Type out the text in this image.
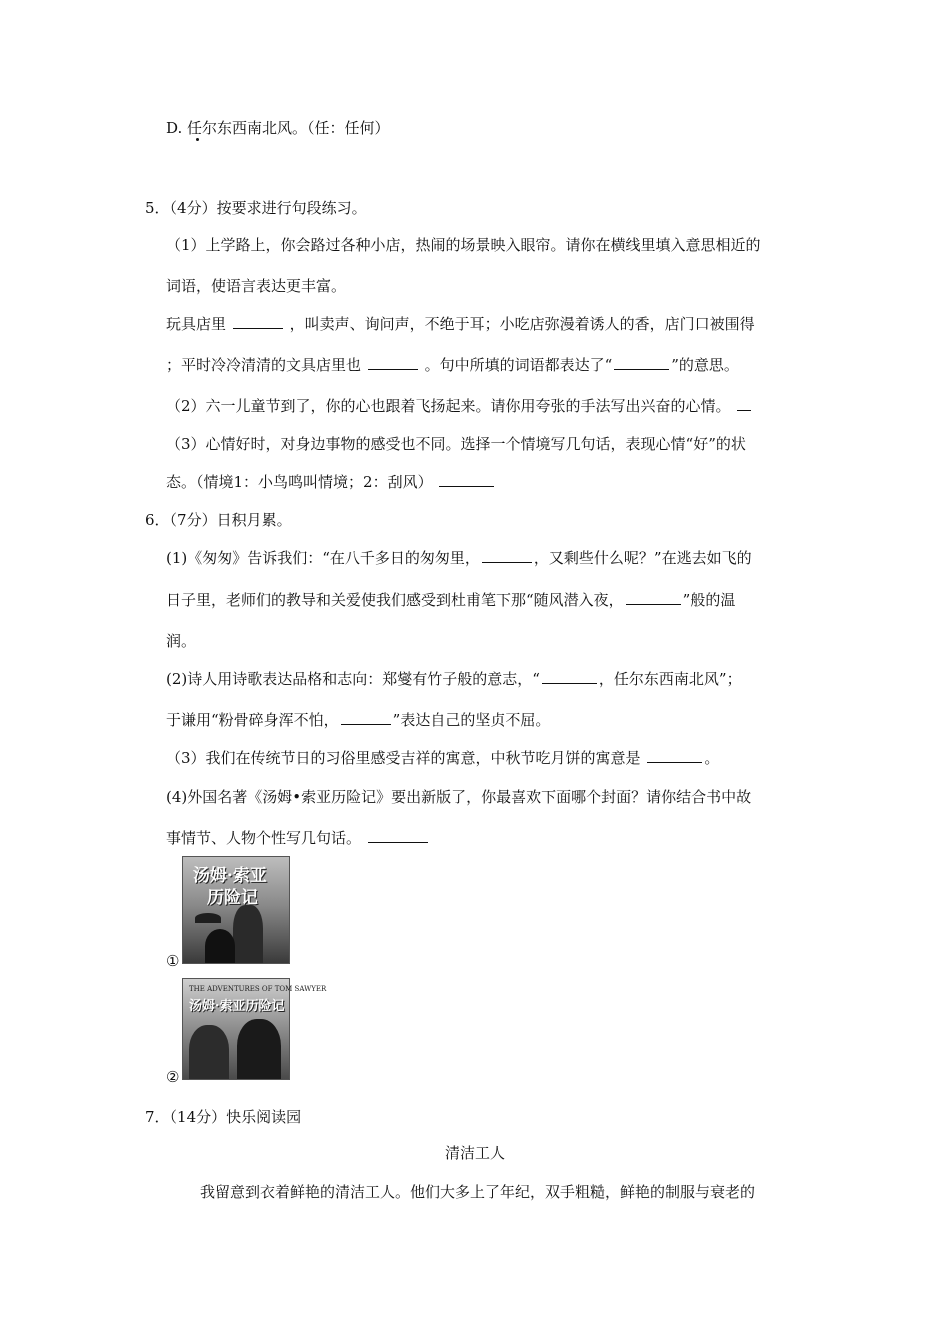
D. 任尔东西南北风。（任：任何）
5．（4分）按要求进行句段练习。
（1）上学路上，你会路过各种小店，热闹的场景映入眼帘。请你在横线里填入意思相近的
词语，使语言表达更丰富。
玩具店里	，叫卖声、询问声，不绝于耳；小吃店弥漫着诱人的香，店门口被围得
；平时冷冷清清的文具店里也	。句中所填的词语都表达了“	”的意思。
（2）六一儿童节到了，你的心也跟着飞扬起来。请你用夸张的手法写出兴奋的心情。
（3）心情好时，对身边事物的感受也不同。选择一个情境写几句话，表现心情“好”的状
态。（情境1：小鸟鸣叫情境；2：刮风）
6．（7分）日积月累。
(1)《匆匆》告诉我们：“在八千多日的匆匆里，	，又剩些什么呢？”在逃去如飞的
日子里，老师们的教导和关爱使我们感受到杜甫笔下那“随风潜入夜，	”般的温
润。
(2)诗人用诗歌表达品格和志向：郑燮有竹子般的意志，“	，任尔东西南北风”；
于谦用“粉骨碎身浑不怕，	”表达自己的坚贞不屈。
（3）我们在传统节日的习俗里感受吉祥的寓意，中秋节吃月饼的寓意是	。
(4)外国名著《汤姆•索亚历险记》要出新版了，你最喜欢下面哪个封面？请你结合书中故
事情节、人物个性写几句话。
汤姆·索亚
历险记
①
THE ADVENTURES OF TOM SAWYER
汤姆·索亚历险记
②
7．（14分）快乐阅读园
清洁工人
我留意到衣着鲜艳的清洁工人。他们大多上了年纪，双手粗糙，鲜艳的制服与衰老的
